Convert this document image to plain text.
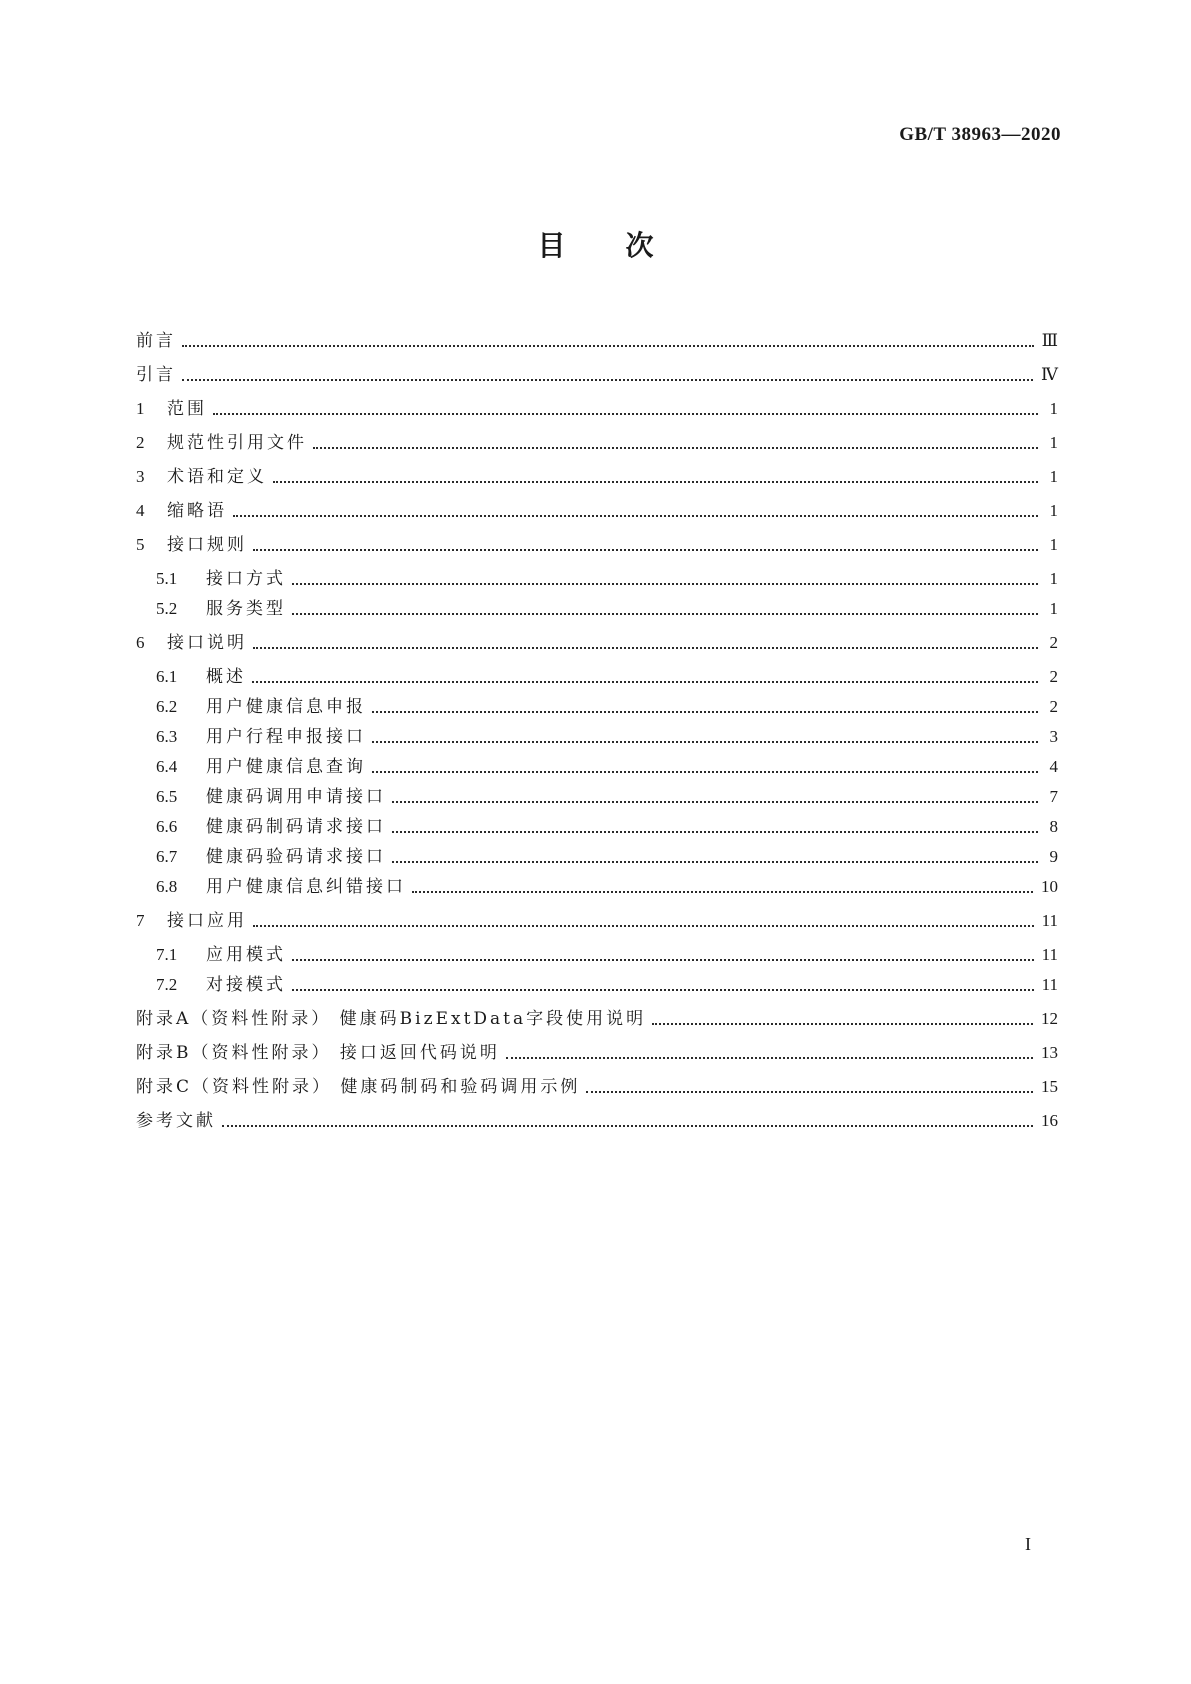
GB/T 38963—2020
目次
前言	Ⅲ
引言	Ⅳ
1	范围	1
2	规范性引用文件	1
3	术语和定义	1
4	缩略语	1
5	接口规则	1
5.1	接口方式	1
5.2	服务类型	1
6	接口说明	2
6.1	概述	2
6.2	用户健康信息申报	2
6.3	用户行程申报接口	3
6.4	用户健康信息查询	4
6.5	健康码调用申请接口	7
6.6	健康码制码请求接口	8
6.7	健康码验码请求接口	9
6.8	用户健康信息纠错接口	10
7	接口应用	11
7.1	应用模式	11
7.2	对接模式	11
附录A（资料性附录） 健康码BizExtData字段使用说明	12
附录B（资料性附录） 接口返回代码说明	13
附录C（资料性附录） 健康码制码和验码调用示例	15
参考文献	16
I
